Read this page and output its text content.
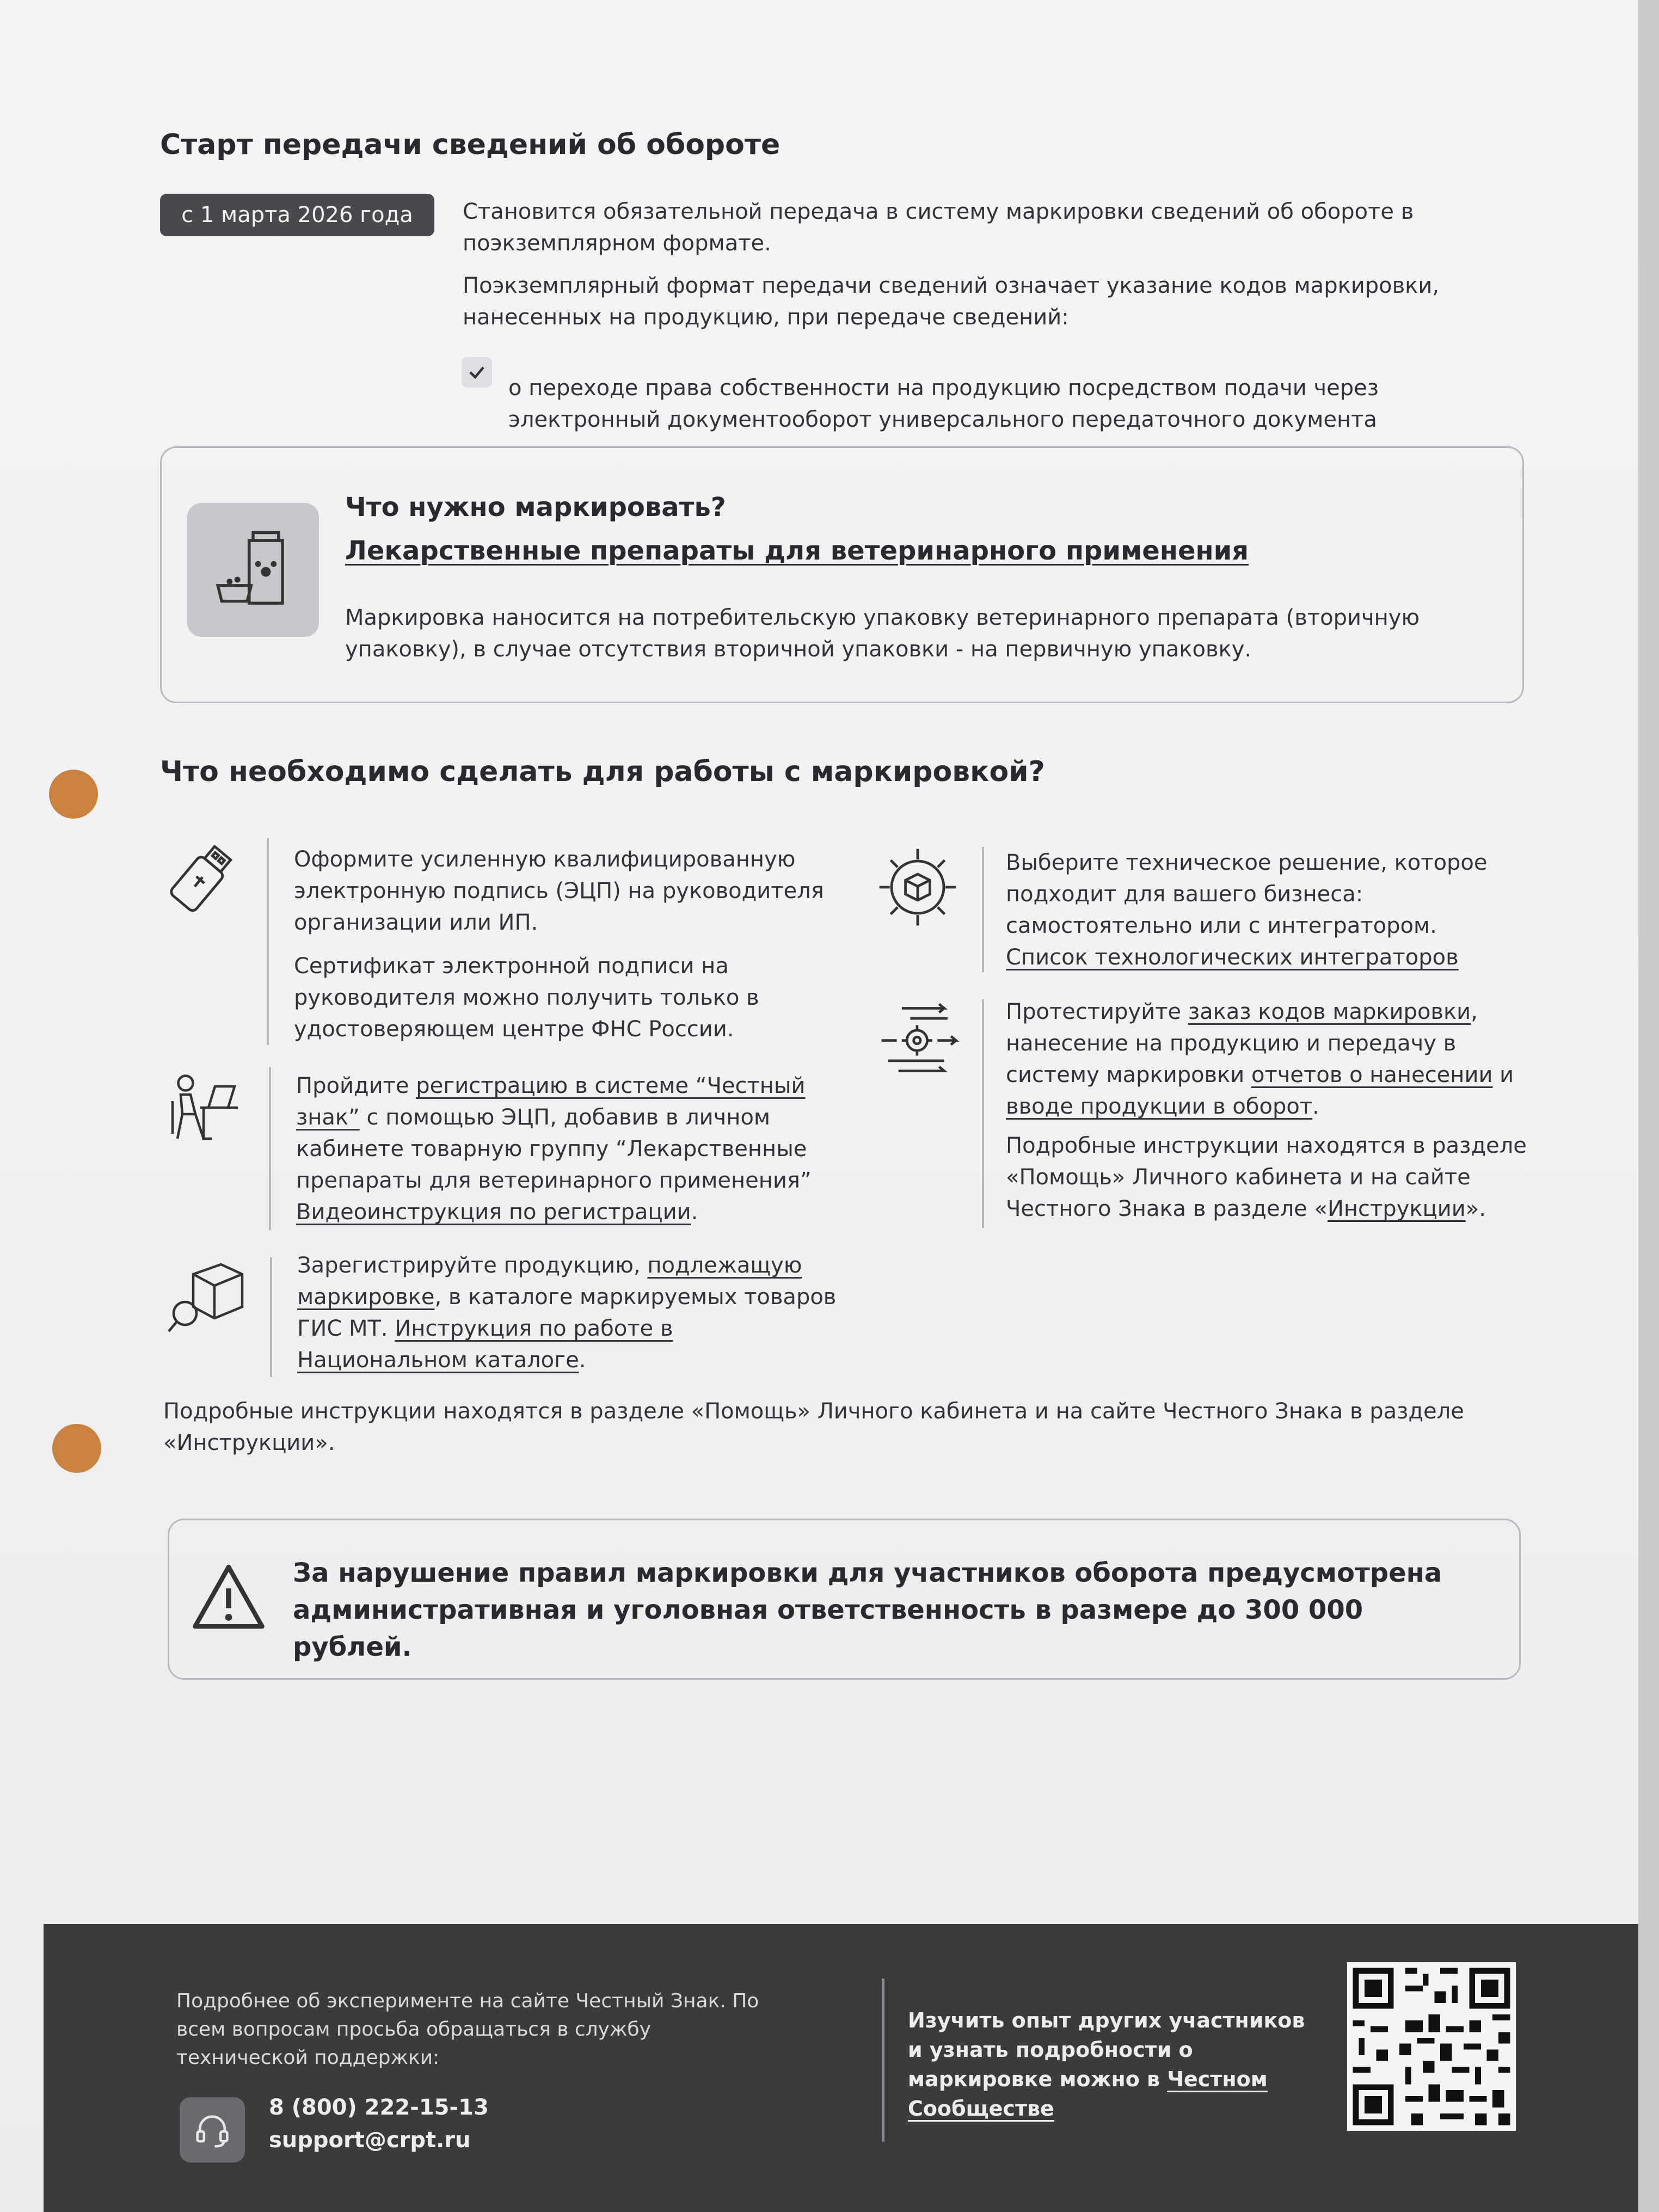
Старт передачи сведений об обороте
с 1 марта 2026 года	Становится обязательной передача в систему маркировки сведений об обороте в поэкземплярном формате.
Поэкземплярный формат передачи сведений означает указание кодов маркировки, нанесенных на продукцию, при передаче сведений:
о переходе права собственности на продукцию посредством подачи через электронный документооборот универсального передаточного документа
Что нужно маркировать?
Лекарственные препараты для ветеринарного применения
Маркировка наносится на потребительскую упаковку ветеринарного препарата (вторичную упаковку), в случае отсутствия вторичной упаковки - на первичную упаковку.
Что необходимо сделать для работы с маркировкой?
Оформите усиленную квалифицированную электронную подпись (ЭЦП) на руководителя организации или ИП.
Сертификат электронной подписи на руководителя можно получить только в удостоверяющем центре ФНС России.
Пройдите регистрацию в системе “Честный знак” с помощью ЭЦП, добавив в личном кабинете товарную группу “Лекарственные препараты для ветеринарного применения” Видеоинструкция по регистрации.
Зарегистрируйте продукцию, подлежащую маркировке, в каталоге маркируемых товаров ГИС МТ. Инструкция по работе в Национальном каталоге.
Выберите техническое решение, которое подходит для вашего бизнеса: самостоятельно или с интегратором. Список технологических интеграторов
Протестируйте заказ кодов маркировки, нанесение на продукцию и передачу в систему маркировки отчетов о нанесении и вводе продукции в оборот.
Подробные инструкции находятся в разделе «Помощь» Личного кабинета и на сайте Честного Знака в разделе «Инструкции».
Подробные инструкции находятся в разделе «Помощь» Личного кабинета и на сайте Честного Знака в разделе «Инструкции».
За нарушение правил маркировки для участников оборота предусмотрена административная и уголовная ответственность в размере до 300 000 рублей.
Подробнее об эксперименте на сайте Честный Знак. По всем вопросам просьба обращаться в службу технической поддержки:
8 (800) 222-15-13
support@crpt.ru
Изучить опыт других участников и узнать подробности о маркировке можно в Честном Сообществе
